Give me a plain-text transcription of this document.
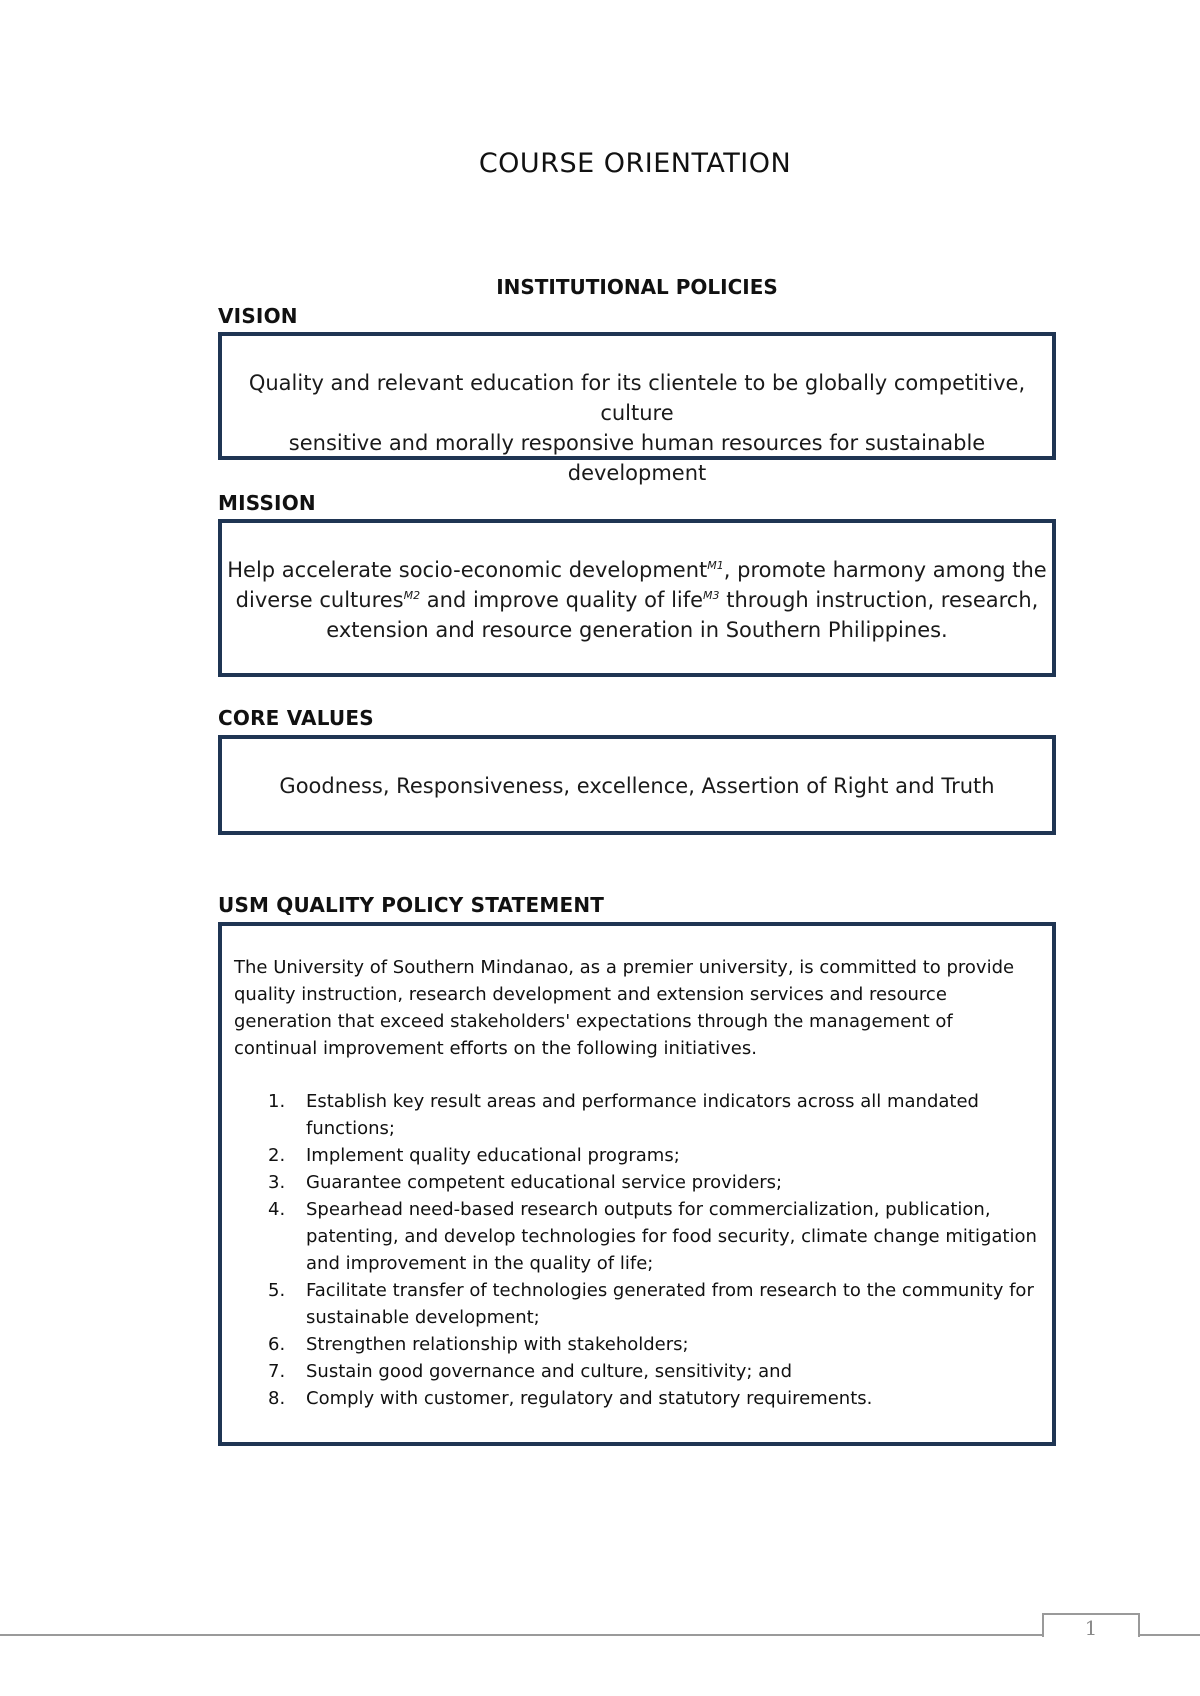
COURSE ORIENTATION
INSTITUTIONAL POLICIES
VISION
Quality and relevant education for its clientele to be globally competitive, culture
sensitive and morally responsive human resources for sustainable development
MISSION
Help accelerate socio-economic development$^{M1}$, promote harmony among the
diverse cultures$^{M2}$ and improve quality of life$^{M3}$ through instruction, research,
extension and resource generation in Southern Philippines.
CORE VALUES
Goodness, Responsiveness, excellence, Assertion of Right and Truth
USM QUALITY POLICY STATEMENT
The University of Southern Mindanao, as a premier university, is committed to provide
quality instruction, research development and extension services and resource
generation that exceed stakeholders' expectations through the management of
continual improvement efforts on the following initiatives.
1. Establish key result areas and performance indicators across all mandated
functions;
2. Implement quality educational programs;
3. Guarantee competent educational service providers;
4. Spearhead need-based research outputs for commercialization, publication,
patenting, and develop technologies for food security, climate change mitigation
and improvement in the quality of life;
5. Facilitate transfer of technologies generated from research to the community for
sustainable development;
6. Strengthen relationship with stakeholders;
7. Sustain good governance and culture, sensitivity; and
8. Comply with customer, regulatory and statutory requirements.
1
